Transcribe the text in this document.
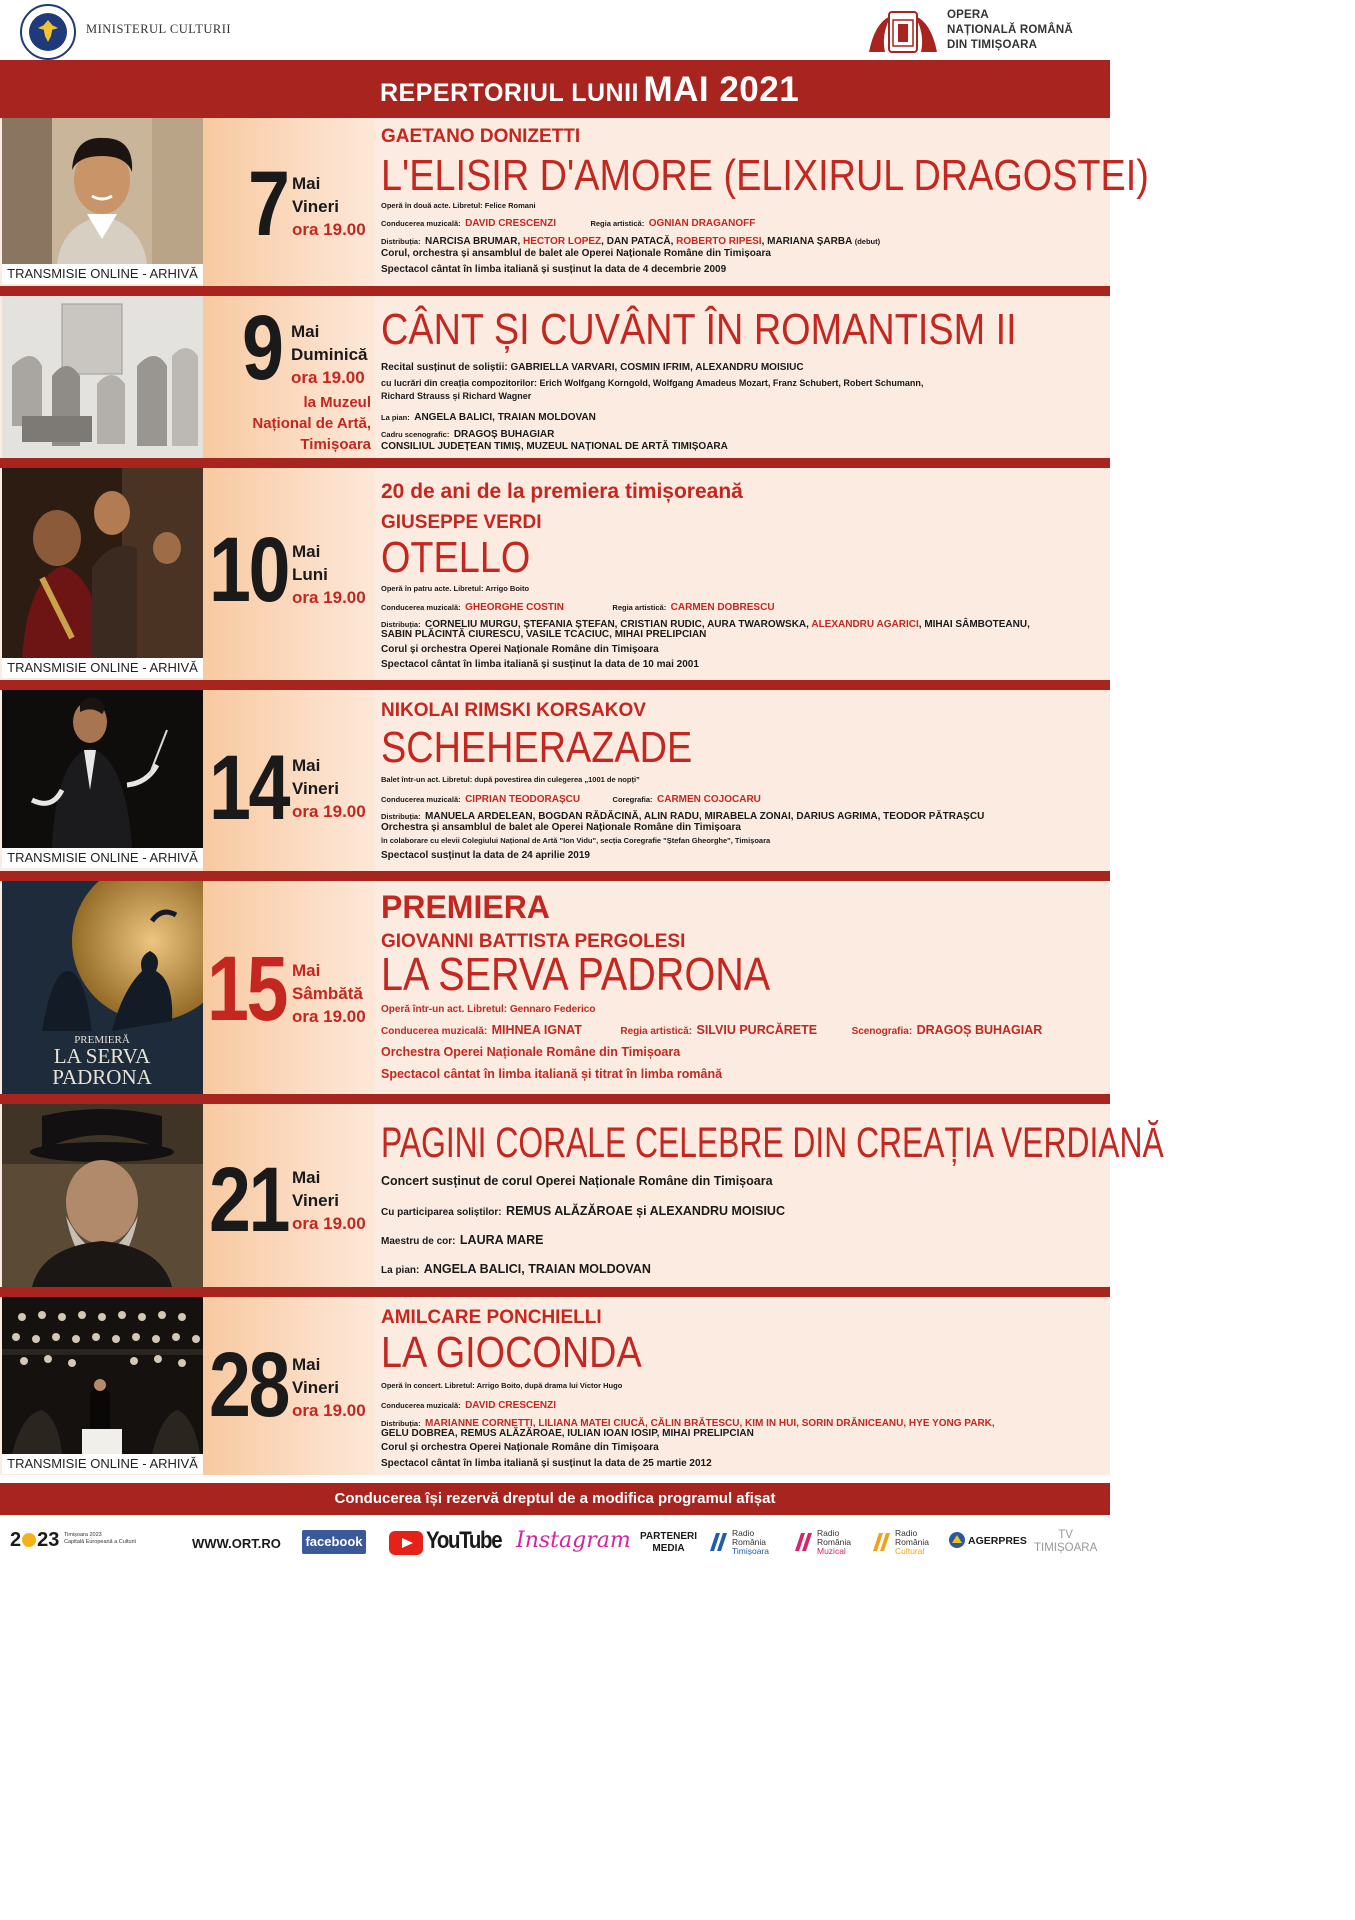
MINISTERUL CULTURII
OPERA
NAȚIONALĂ ROMÂNĂ
DIN TIMIȘOARA
REPERTORIUL LUNII MAI 2021
TRANSMISIE ONLINE - ARHIVĂ
7 Mai
Vineri
ora 19.00
GAETANO DONIZETTI
L'ELISIR D'AMORE (ELIXIRUL DRAGOSTEI)
Operă în două acte. Libretul: Felice Romani
Conducerea muzicală: DAVID CRESCENZI	Regia artistică: OGNIAN DRAGANOFF
Distribuția: NARCISA BRUMAR, HECTOR LOPEZ, DAN PATACĂ, ROBERTO RIPESI, MARIANA ȘARBA (debut)
Corul, orchestra și ansamblul de balet ale Operei Naționale Române din Timișoara
Spectacol cântat în limba italiană și susținut la data de 4 decembrie 2009
9 Mai
Duminică
ora 19.00
la Muzeul
Național de Artă,
Timișoara
CÂNT ȘI CUVÂNT ÎN ROMANTISM II
Recital susținut de soliștii: GABRIELLA VARVARI, COSMIN IFRIM, ALEXANDRU MOISIUC
cu lucrări din creația compozitorilor: Erich Wolfgang Korngold, Wolfgang Amadeus Mozart, Franz Schubert, Robert Schumann,
Richard Strauss și Richard Wagner
La pian: ANGELA BALICI, TRAIAN MOLDOVAN
Cadru scenografic: DRAGOȘ BUHAGIAR
CONSILIUL JUDEȚEAN TIMIȘ, MUZEUL NAȚIONAL DE ARTĂ TIMIȘOARA
TRANSMISIE ONLINE - ARHIVĂ
10 Mai
Luni
ora 19.00
20 de ani de la premiera timișoreană
GIUSEPPE VERDI
OTELLO
Operă în patru acte. Libretul: Arrigo Boito
Conducerea muzicală: GHEORGHE COSTIN	Regia artistică: CARMEN DOBRESCU
Distribuția: CORNELIU MURGU, ȘTEFANIA ȘTEFAN, CRISTIAN RUDIC, AURA TWAROWSKA, ALEXANDRU AGARICI, MIHAI SÂMBOTEANU,
SABIN PLĂCINTĂ CIURESCU, VASILE TCACIUC, MIHAI PRELIPCIAN
Corul și orchestra Operei Naționale Române din Timișoara
Spectacol cântat în limba italiană și susținut la data de 10 mai 2001
TRANSMISIE ONLINE - ARHIVĂ
14 Mai
Vineri
ora 19.00
NIKOLAI RIMSKI KORSAKOV
SCHEHERAZADE
Balet într-un act. Libretul: după povestirea din culegerea „1001 de nopți”
Conducerea muzicală: CIPRIAN TEODORAȘCU	Coregrafia: CARMEN COJOCARU
Distribuția: MANUELA ARDELEAN, BOGDAN RĂDĂCINĂ, ALIN RADU, MIRABELA ZONAI, DARIUS AGRIMA, TEODOR PĂTRAȘCU
Orchestra și ansamblul de balet ale Operei Naționale Române din Timișoara
în colaborare cu elevii Colegiului Național de Artă "Ion Vidu", secția Coregrafie "Ștefan Gheorghe", Timișoara
Spectacol susținut la data de 24 aprilie 2019
PREMIERĂ
LA SERVA
PADRONA
15 Mai
Sâmbătă
ora 19.00
PREMIERA
GIOVANNI BATTISTA PERGOLESI
LA SERVA PADRONA
Operă într-un act. Libretul: Gennaro Federico
Conducerea muzicală: MIHNEA IGNAT	Regia artistică: SILVIU PURCĂRETE	Scenografia: DRAGOȘ BUHAGIAR
Orchestra Operei Naționale Române din Timișoara
Spectacol cântat în limba italiană și titrat în limba română
21 Mai
Vineri
ora 19.00
PAGINI CORALE CELEBRE DIN CREAȚIA VERDIANĂ
Concert susținut de corul Operei Naționale Române din Timișoara
Cu participarea soliștilor: REMUS ALĂZĂROAE și ALEXANDRU MOISIUC
Maestru de cor: LAURA MARE
La pian: ANGELA BALICI, TRAIAN MOLDOVAN
TRANSMISIE ONLINE - ARHIVĂ
28 Mai
Vineri
ora 19.00
AMILCARE PONCHIELLI
LA GIOCONDA
Operă în concert. Libretul: Arrigo Boito, după drama lui Victor Hugo
Conducerea muzicală: DAVID CRESCENZI
Distribuția: MARIANNE CORNETTI, LILIANA MATEI CIUCĂ, CĂLIN BRĂTESCU, KIM IN HUI, SORIN DRĂNICEANU, HYE YONG PARK,
GELU DOBREA, REMUS ALĂZĂROAE, IULIAN IOAN IOSIP, MIHAI PRELIPCIAN
Corul și orchestra Operei Naționale Române din Timișoara
Spectacol cântat în limba italiană și susținut la data de 25 martie 2012
Conducerea își rezervă dreptul de a modifica programul afișat
2 23 Timișoara 2023
Capitală Europeană a Culturii	WWW.ORT.RO facebook	YouTube Instagram PARTENERI
MEDIA
Radio
România
Timișoara
Radio
România
Muzical
Radio
România
Cultural
AGERPRES	TV
TIMIȘOARA
